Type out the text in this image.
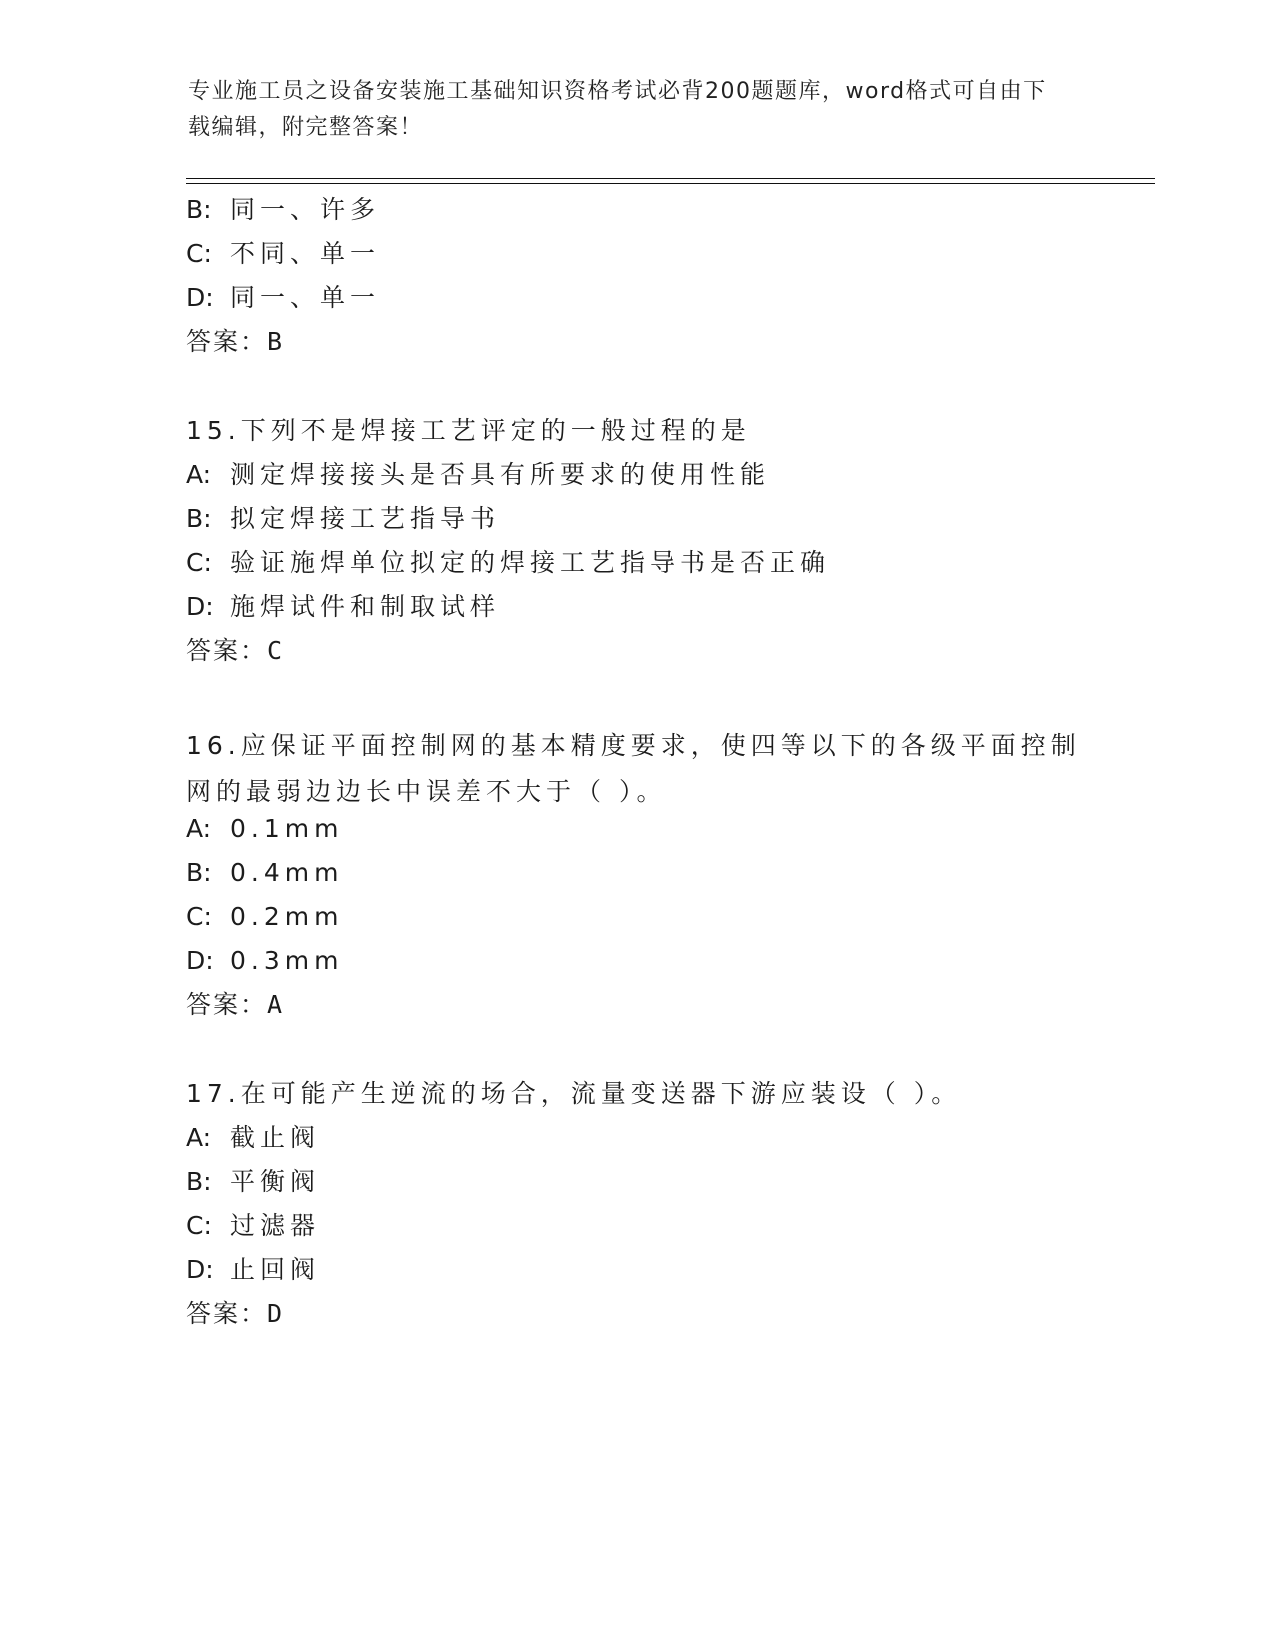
专业施工员之设备安装施工基础知识资格考试必背200题题库，word格式可自由下载编辑，附完整答案！
B: 同一、许多
C: 不同、单一
D: 同一、单一
答案：B
15.下列不是焊接工艺评定的一般过程的是
A: 测定焊接接头是否具有所要求的使用性能
B: 拟定焊接工艺指导书
C: 验证施焊单位拟定的焊接工艺指导书是否正确
D: 施焊试件和制取试样
答案：C
16.应保证平面控制网的基本精度要求，使四等以下的各级平面控制网的最弱边边长中误差不大于（ ）。
A: 0.1mm
B: 0.4mm
C: 0.2mm
D: 0.3mm
答案：A
17.在可能产生逆流的场合，流量变送器下游应装设（ ）。
A: 截止阀
B: 平衡阀
C: 过滤器
D: 止回阀
答案：D
